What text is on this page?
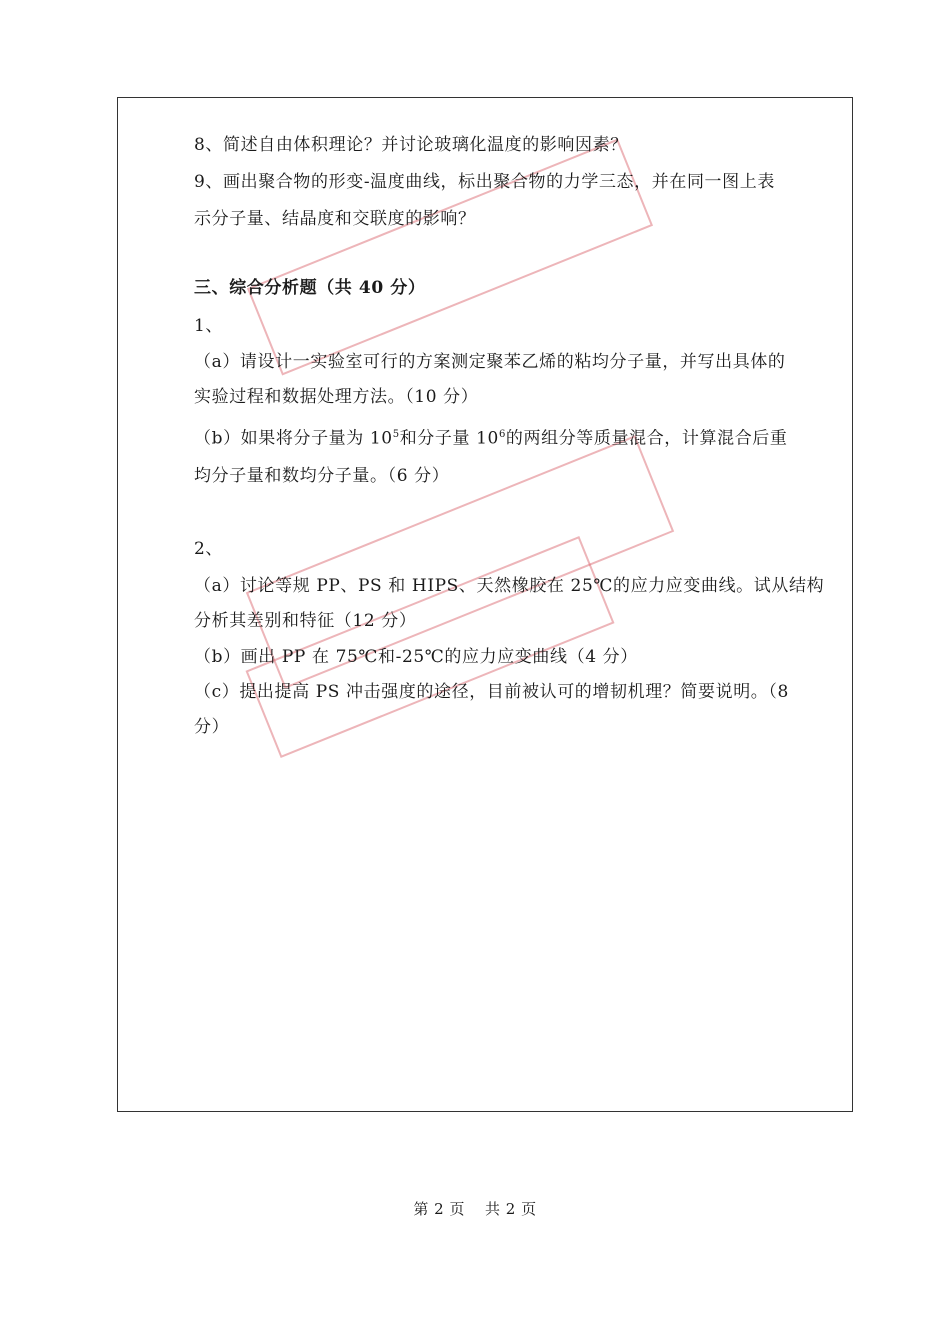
8、简述自由体积理论？并讨论玻璃化温度的影响因素？
9、画出聚合物的形变-温度曲线，标出聚合物的力学三态，并在同一图上表
示分子量、结晶度和交联度的影响？
三、综合分析题（共 40 分）
1、
（a）请设计一实验室可行的方案测定聚苯乙烯的粘均分子量，并写出具体的
实验过程和数据处理方法。（10 分）
（b）如果将分子量为 $10^5$和分子量 $10^6$的两组分等质量混合，计算混合后重
均分子量和数均分子量。（6 分）
2、
（a）讨论等规 PP、PS 和 HIPS、天然橡胶在 25℃的应力应变曲线。试从结构
分析其差别和特征（12 分）
（b）画出 PP 在 75℃和-25℃的应力应变曲线（4 分）
（c）提出提高 PS 冲击强度的途径，目前被认可的增韧机理？简要说明。（8
分）
第 2 页 共 2 页
